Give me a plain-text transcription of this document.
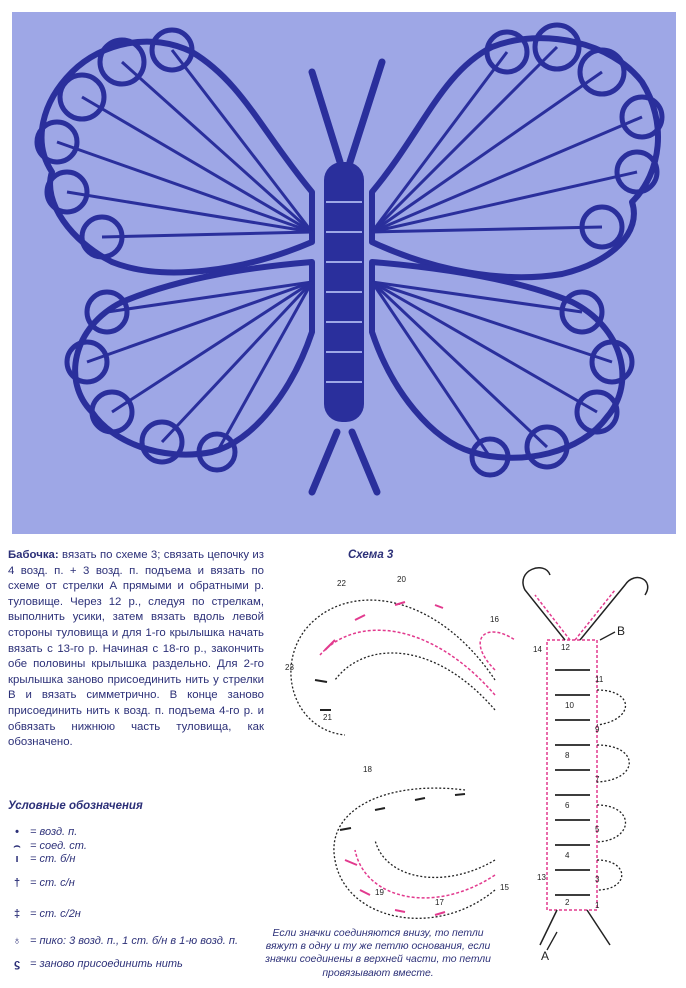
Бабочка: вязать по схеме 3; связать цепочку из 4 возд. п. + 3 возд. п. подъема и вязать по схеме от стрелки А прямыми и обратными р. туловище. Через 12 р., следуя по стрелкам, выполнить усики, затем вязать вдоль левой стороны туловища и для 1-го крылышка начать вязать с 13-го р. Начиная с 18-го р., закончить обе половины крылышка раздельно. Для 2-го крылышка заново присоединить нить у стрелки В и вязать симметрично. В конце заново присоединить нить к возд. п. подъема 4-го р. и обвязать нижнюю часть туловища, как обозначено.
Условные обозначения
• = возд. п.
⌢ = соед. ст.
ı = ст. б/н
† = ст. с/н
‡ = ст. с/2н
♁ = пико: 3 возд. п., 1 ст. б/н в 1-ю возд. п.
ϛ = заново присоединить нить
Схема 3
B
A
12
11
10
9
8
7
6
5
4
3
2	1
13
14
15
16
17
18
19
20
21
22
23
Если значки соединяются внизу, то петли вяжут в одну и ту же петлю основания, если значки соединены в верхней части, то петли провязывают вместе.
